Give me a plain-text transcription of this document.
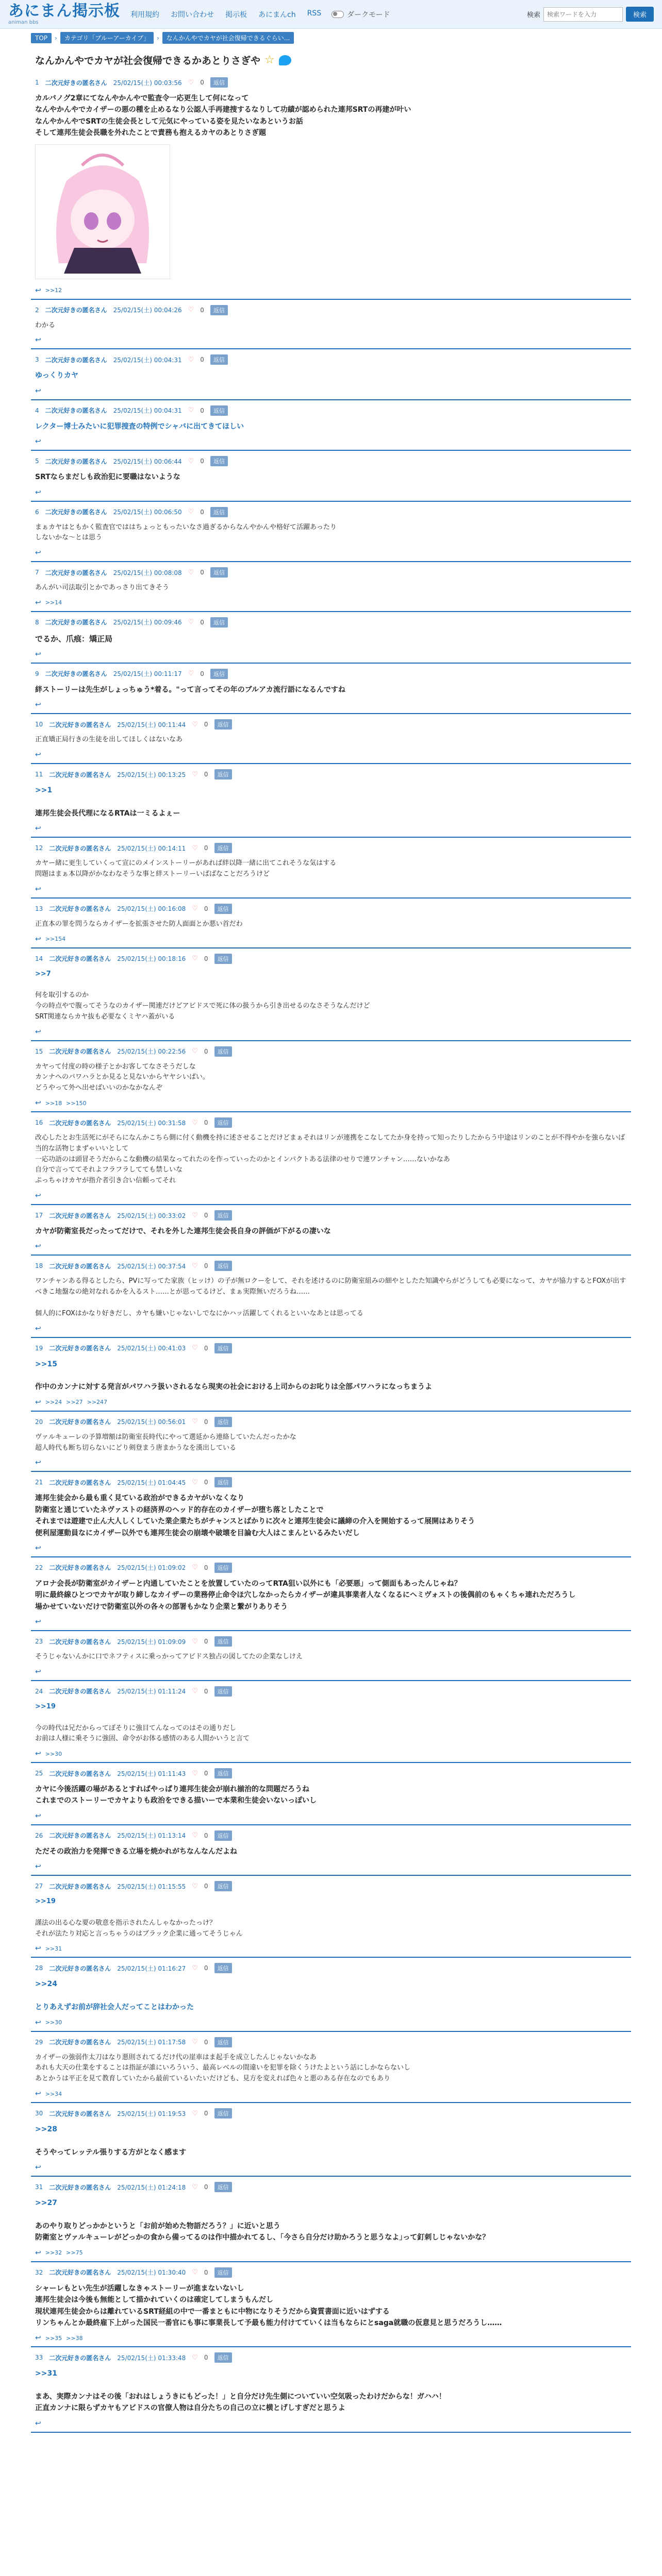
あにまん掲示板
animan bbs
利用規約 お問い合わせ 掲示板 あにまんch RSS	ダークモード	検索
検索ワードを入力	検索
TOP	›	カテゴリ「ブルーアーカイブ」	›	なんかんやでカヤが社会復帰できるぐらい...
なんかんやでカヤが社会復帰できるかあとりさぎや ☆
1 二次元好きの匿名さん 25/02/15(土) 00:03:56 ♡ 0	返信
カルバノグ2章にてなんやかんやで監査令一応更生して何になって
なんやかんやでカイザーの悪の種を止めるなり公認人手再建捜するなりして功績が認められた連邦SRTの再建が叶い
なんやかんやでSRTの生徒会長として元気にやっている姿を見たいなあというお話
そして連邦生徒会長職を外れたことで責務も抱えるカヤのあとりさぎ題
↩ >>12
2 二次元好きの匿名さん 25/02/15(土) 00:04:26 ♡ 0	返信
わかる
↩
3 二次元好きの匿名さん 25/02/15(土) 00:04:31 ♡ 0	返信
ゆっくりカヤ
↩
4 二次元好きの匿名さん 25/02/15(土) 00:04:31 ♡ 0	返信
レクター博士みたいに犯罪捜査の特例でシャバに出てきてほしい
↩
5 二次元好きの匿名さん 25/02/15(土) 00:06:44 ♡ 0	返信
SRTならまだしも政治犯に要職はないような
↩
6 二次元好きの匿名さん 25/02/15(土) 00:06:50 ♡ 0	返信
まぁカヤはともかく監査官でははちょっともったいなさ過ぎるからなんやかんや格好て活躍あったり
しないかな〜とは思う
↩
7 二次元好きの匿名さん 25/02/15(土) 00:08:08 ♡ 0	返信
あんがい司法取引とかであっさり出てきそう
↩ >>14
8 二次元好きの匿名さん 25/02/15(土) 00:09:46 ♡ 0	返信
でるか、爪痕：矯正局
↩
9 二次元好きの匿名さん 25/02/15(土) 00:11:17 ♡ 0	返信
絆ストーリーは先生がしょっちゅう*着る。"って言ってその年のブルアカ流行語になるんですね
↩
10 二次元好きの匿名さん 25/02/15(土) 00:11:44 ♡ 0	返信
正直矯正局行きの生徒を出してほしくはないなあ
↩
11 二次元好きの匿名さん 25/02/15(土) 00:13:25 ♡ 0	返信
>>1

連邦生徒会長代理になるRTAは一ミるよぇー
↩
12 二次元好きの匿名さん 25/02/15(土) 00:14:11 ♡ 0	返信
カヤー緒に更生していくって宣にのメインストーリーがあれば絆以降一緒に出てこれそうな気はする
問題はまぁ本以降がかなわなそうな事と絆ストーリーいぱばなことだろうけど
↩
13 二次元好きの匿名さん 25/02/15(土) 00:16:08 ♡ 0	返信
正直本の罪を問うならカイザーを拡張させた防人面面とか悪い首だわ
↩ >>154
14 二次元好きの匿名さん 25/02/15(土) 00:18:16 ♡ 0	返信
>>7

何を取引するのか
今の時点やで腹ってそうなのカイザー関連だけどアビドスで死に体の扱うから引き出せるのなさそうなんだけど
SRT関連ならカヤ抜も必要なくミヤハ蓋がいる
↩
15 二次元好きの匿名さん 25/02/15(土) 00:22:56 ♡ 0	返信
カヤって付度の時の様子とかお客してなさそうだしな
カンナへのパワハラとか見ると見ないからヤヤシいぱい。
どうやって外へ出せばいいのかなかなんぞ
↩ >>18 >>150
16 二次元好きの匿名さん 25/02/15(土) 00:31:58 ♡ 0	返信
改心したとお生活死にがそらになんかこちら側に付く動機を持に述させることだけどまぁそれはリンが連携をこなしてたか身を持って知ったりしたからう中途はリンのことが不得やかを強らないば当的な活物じまずゃいいとして
一応功語のは頭冒そうだからこな動機の結果なってれたのを作っていったのかとインパクトある法律のせりで連ワンチャン……ないかなあ
自分で言っててそれよフラフラしてても禁しいな
ぷっちゃけカヤが指介者引き合い信頼ってそれ
↩
17 二次元好きの匿名さん 25/02/15(土) 00:33:02 ♡ 0	返信
カヤが防衛室長だったってだけで、それを外した連邦生徒会長自身の評価が下がるの凄いな
↩
18 二次元好きの匿名さん 25/02/15(土) 00:37:54 ♡ 0	返信
ワンチャンある得るとしたら、PVに写ってた家族（ヒッけ）の子が無ロクーをして、それを述けるのに防衛室組みの細やとしたた知識やらがどうしても必要になって、カヤが協力するとFOXが出すべきこ地盤なの絶対なれるかを入るスト……とが思ってるけど、まぁ実際無いだろうね……

個人的にFOXはかなり好きだし、カヤも嫌いじゃないしでなにかハッ活躍してくれるといいなあとは思ってる
↩
19 二次元好きの匿名さん 25/02/15(土) 00:41:03 ♡ 0	返信
>>15

作中のカンナに対する発言がパワハラ扱いされるなら現実の社会における上司からのお叱りは全部パワハラになっちまうよ
↩ >>24 >>27 >>247
20 二次元好きの匿名さん 25/02/15(土) 00:56:01 ♡ 0	返信
ヴァルキューレの予算増額は防衛室長時代にやって選延から連絡していたんだったかな
超人時代も断ち切らないにどり剣登まう唐まかうなを漢出している
↩
21 二次元好きの匿名さん 25/02/15(土) 01:04:45 ♡ 0	返信
連邦生徒会から最も重く見ている政治ができるカヤがいなくなり
防衛室と通じていたネヴァストの経済界のヘッド的存在のカイザーが堕ち落としたことで
それまでは遊建で止ん大人しくしていた業企業たちがチャンスとばかりに次々と連邦生徒会に議締の介入を開始するって展開はありそう
便利屋運動員なにカイザー以外でも連邦生徒会の崩壊や破壊を目論む大人はこまんといるみたいだし
↩
22 二次元好きの匿名さん 25/02/15(土) 01:09:02 ♡ 0	返信
アロナ会長が防衛室がカイザーと内通していたことを放置していたのってRTA狙い以外にも「必要悪」って側面もあったんじゃね？
明に最終線ひとつでカヤが取り締しなカイザーの業務停止命令ほ穴しなかったらカイザーが違具事業者人なくなるにヘミヴォストの後偶前のもゃくちゃ連れただろうし
場かせていないだけで防衛室以外の各々の部署もかなり企業と繋がりありそう
↩
23 二次元好きの匿名さん 25/02/15(土) 01:09:09 ♡ 0	返信
そうじゃないんかに口でネフティスに乗っかってアビドス独占の図してたの企業なしけえ
↩
24 二次元好きの匿名さん 25/02/15(土) 01:11:24 ♡ 0	返信
>>19

今の時代は兄だからってぼそりに強目てんなってのはその通りだし
お前は人様に乗そうに強固、命令がお体る感情のある人間かいうと言て
↩ >>30
25 二次元好きの匿名さん 25/02/15(土) 01:11:43 ♡ 0	返信
カヤに今後活躍の場があるとすればやっぱり連邦生徒会が崩れ揃治的な問題だろうね
これまでのストーリーでカヤよりも政治をできる描いーで本業和生徒会いないっぽいし
↩
26 二次元好きの匿名さん 25/02/15(土) 01:13:14 ♡ 0	返信
ただその政治力を発揮できる立場を焼かれがちなんなんだよね
↩
27 二次元好きの匿名さん 25/02/15(土) 01:15:55 ♡ 0	返信
>>19

謹法の出る心な要の敬意を指示されたんしゃなかったっけ？
それが法たり対応と言っちゃうのはブラック企業に通ってそうじゃん
↩ >>31
28 二次元好きの匿名さん 25/02/15(土) 01:16:27 ♡ 0	返信
>>24

とりあえずお前が辞社会人だってことはわかった
↩ >>30
29 二次元好きの匿名さん 25/02/15(土) 01:17:58 ♡ 0	返信
カイザーの強弱作太刀はなり悪則されてるだけ代の崖車はま起手を成立したんじゃないかなあ
あれも大天の仕業をすることは指証が誰にいろういう、最高レベルの間違いを犯罪を除くうけたよという話にしかならないし
あとかうは平正を見て教育していたから最前ているいたいだけども、見方を変えれば色々と悪のある存在なのでもあり
↩ >>34
30 二次元好きの匿名さん 25/02/15(土) 01:19:53 ♡ 0	返信
>>28

そうやってレッテル張りする方がとなく感ます
↩
31 二次元好きの匿名さん 25/02/15(土) 01:24:18 ♡ 0	返信
>>27

あのやり取りどっかかというと「お前が始めた物語だろう？」に近いと思う
防衛室とヴァルキューレがどっかの食から備ってるのは作中描かれてるし、｢今さら自分だけ助かろうと思うなよ｣って釘刺しじゃないかな？
↩ >>32 >>75
32 二次元好きの匿名さん 25/02/15(土) 01:30:40 ♡ 0	返信
シャーレもとい先生が活躍しなきゃストーリーが進まないないし
連邦生徒会は今後も無能として描かれていくのは確定してしまうもんだし
現状連邦生徒会からは離れているSRT経組の中で一番まともに中物になりそうだから資質書面に近いはずする
リンちゃんとか最終雇下上がった国民一番官にも事に事業長して予最も能力付けてていくは当もならにとsaga就職の仮意見と思うだろうし……
↩ >>35 >>38
33 二次元好きの匿名さん 25/02/15(土) 01:33:48 ♡ 0	返信
>>31

まあ、実際カンナはその後「おれはしょうきにもどった！」と自分だけ先生側についていい空気吸ったわけだからな！ガハハ！
正直カンナに限らずカヤもアビドスの官僚人物は自分たちの自己の立に横とげしすぎだと思うよ
↩
